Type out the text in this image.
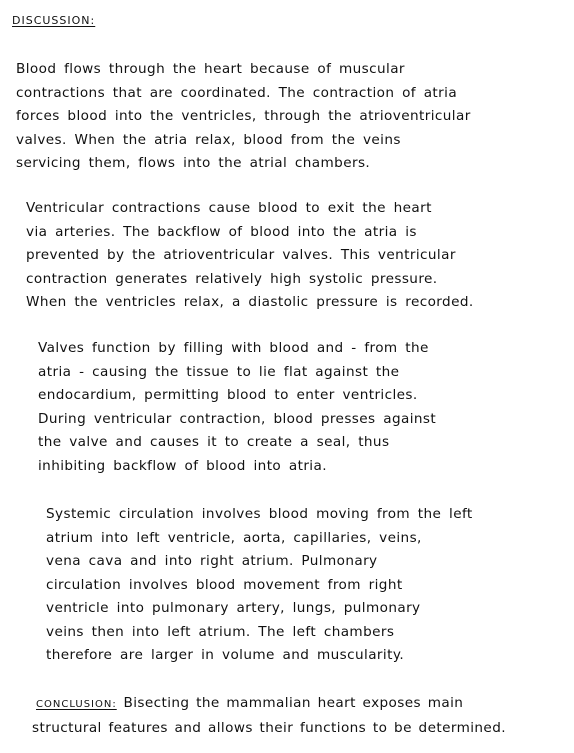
DISCUSSION:
Blood flows through the heart because of muscular
contractions that are coordinated. The contraction of atria
forces blood into the ventricles, through the atrioventricular
valves. When the atria relax, blood from the veins
servicing them, flows into the atrial chambers.
Ventricular contractions cause blood to exit the heart
via arteries. The backflow of blood into the atria is
prevented by the atrioventricular valves. This ventricular
contraction generates relatively high systolic pressure.
When the ventricles relax, a diastolic pressure is recorded.
Valves function by filling with blood and - from the
atria - causing the tissue to lie flat against the
endocardium, permitting blood to enter ventricles.
During ventricular contraction, blood presses against
the valve and causes it to create a seal, thus
inhibiting backflow of blood into atria.
Systemic circulation involves blood moving from the left
atrium into left ventricle, aorta, capillaries, veins,
vena cava and into right atrium. Pulmonary
circulation involves blood movement from right
ventricle into pulmonary artery, lungs, pulmonary
veins then into left atrium. The left chambers
therefore are larger in volume and muscularity.
CONCLUSION: Bisecting the mammalian heart exposes main
structural features and allows their functions to be determined.
